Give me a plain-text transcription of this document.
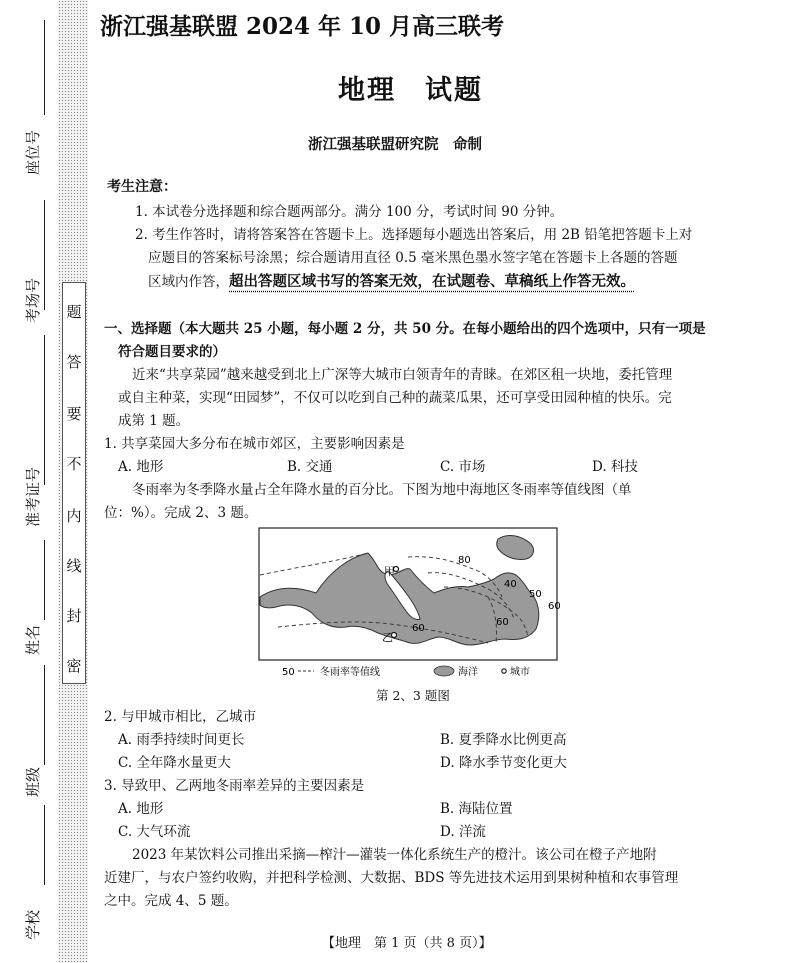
座位号
考场号
准考证号
姓名
班级
学校
题
答
要
不
内
线
封
密
浙江强基联盟 2024 年 10 月高三联考
地理　试题
浙江强基联盟研究院　命制
考生注意：
1. 本试卷分选择题和综合题两部分。满分 100 分，考试时间 90 分钟。
2. 考生作答时，请将答案答在答题卡上。选择题每小题选出答案后，用 2B 铅笔把答题卡上对
应题目的答案标号涂黑；综合题请用直径 0.5 毫米黑色墨水签字笔在答题卡上各题的答题
区域内作答，超出答题区域书写的答案无效，在试题卷、草稿纸上作答无效。
一、选择题（本大题共 25 小题，每小题 2 分，共 50 分。在每小题给出的四个选项中，只有一项是
符合题目要求的）
近来“共享菜园”越来越受到北上广深等大城市白领青年的青睐。在郊区租一块地，委托管理
或自主种菜，实现“田园梦”，不仅可以吃到自己种的蔬菜瓜果，还可享受田园种植的快乐。完
成第 1 题。
1. 共享菜园大多分布在城市郊区，主要影响因素是
A. 地形	B. 交通	C. 市场	D. 科技
冬雨率为冬季降水量占全年降水量的百分比。下图为地中海地区冬雨率等值线图（单
位：%）。完成 2、3 题。
80
40
50
60
60
60
甲
乙
50	冬雨率等值线	海洋	城市
第 2、3 题图
2. 与甲城市相比，乙城市
A. 雨季持续时间更长	B. 夏季降水比例更高
C. 全年降水量更大	D. 降水季节变化更大
3. 导致甲、乙两地冬雨率差异的主要因素是
A. 地形	B. 海陆位置
C. 大气环流	D. 洋流
2023 年某饮料公司推出采摘—榨汁—灌装一体化系统生产的橙汁。该公司在橙子产地附
近建厂，与农户签约收购，并把科学检测、大数据、BDS 等先进技术运用到果树种植和农事管理
之中。完成 4、5 题。
【地理　第 1 页（共 8 页）】
